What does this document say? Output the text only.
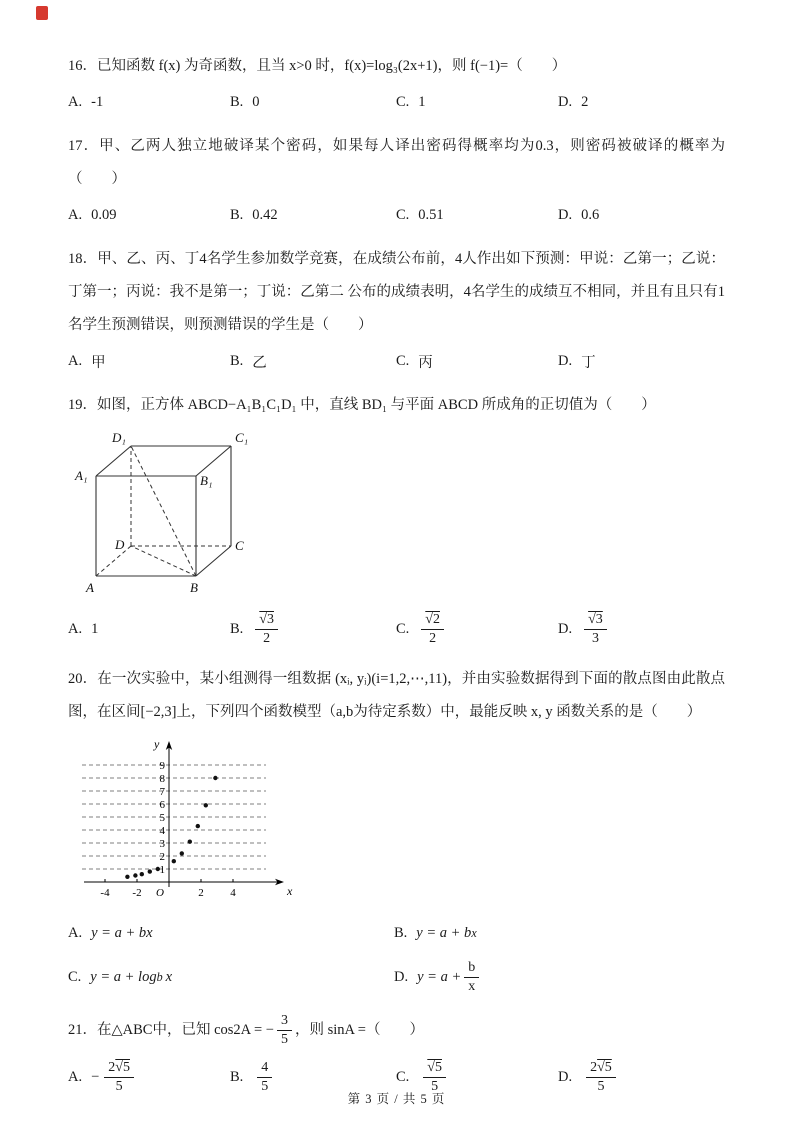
16．已知函数 f(x) 为奇函数，且当 x>0 时，f(x)=log₃(2x+1)，则 f(−1)=（　　）

A. -1	B. 0	C. 1	D. 2

17．甲、乙两人独立地破译某个密码，如果每人译出密码得概率均为0.3，则密码被破译的概率为（　　）

A. 0.09	B. 0.42	C. 0.51	D. 0.6

18．甲、乙、丙、丁4名学生参加数学竞赛，在成绩公布前，4人作出如下预测：甲说：乙第一；乙说：丁第一；丙说：我不是第一；丁说：乙第二 公布的成绩表明，4名学生的成绩互不相同，并且有且只有1名学生预测错误，则预测错误的学生是（　　）

A. 甲	B. 乙	C. 丙	D. 丁

19．如图，正方体 ABCD−A₁B₁C₁D₁ 中，直线 BD₁ 与平面 ABCD 所成角的正切值为（　　）

D₁	C₁
A₁	B₁
D	C
A	B
A. 1	B. $\frac{√3}{2}$	C. $\frac{√2}{2}$	D. $\frac{√3}{3}$

20．在一次实验中，某小组测得一组数据 (xᵢ, yᵢ)(i=1,2,⋯,11)，并由实验数据得到下面的散点图由此散点图，在区间[−2,3]上，下列四个函数模型（a,b为待定系数）中，最能反映 x, y 函数关系的是（　　）

1
2
3
4
5
6
7
8
9
-4 -2	2 4
O	x
y
A. y = a + bx	B. y = a + b x
C. y = a + log b x	D. $y = a + \frac{b}{x}$

21．在△ABC中，已知 cos2A = − $\frac{3}{5}$ ，则 sinA =（　　）

A. − $\frac{2√5}{5}$	B. $\frac{4}{5}$	C. $\frac{√5}{5}$	D. $\frac{2√5}{5}$
第 3 页 / 共 5 页
